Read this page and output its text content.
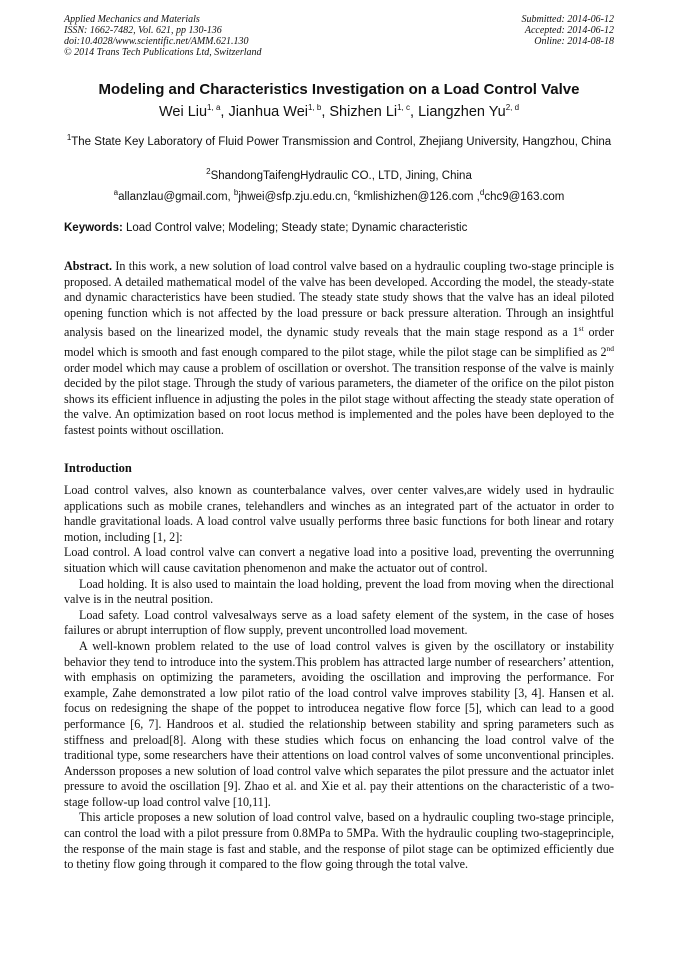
Applied Mechanics and Materials
ISSN: 1662-7482, Vol. 621, pp 130-136
doi:10.4028/www.scientific.net/AMM.621.130
© 2014 Trans Tech Publications Ltd, Switzerland
Submitted: 2014-06-12
Accepted: 2014-06-12
Online: 2014-08-18
Modeling and Characteristics Investigation on a Load Control Valve
Wei Liu$^{1, a}$, Jianhua Wei$^{1, b}$, Shizhen Li$^{1, c}$, Liangzhen Yu$^{2, d}$
$^1$The State Key Laboratory of Fluid Power Transmission and Control, Zhejiang University, Hangzhou, China
$^2$ShandongTaifengHydraulic CO., LTD, Jining, China
$^a$allanzlau@gmail.com, $^b$jhwei@sfp.zju.edu.cn, $^c$kmlishizhen@126.com ,$^d$chc9@163.com
Keywords: Load Control valve; Modeling; Steady state; Dynamic characteristic
Abstract. In this work, a new solution of load control valve based on a hydraulic coupling two-stage principle is proposed. A detailed mathematical model of the valve has been developed. According the model, the steady-state and dynamic characteristics have been studied. The steady state study shows that the valve has an ideal piloted opening function which is not affected by the load pressure or back pressure alteration. Through an insightful analysis based on the linearized model, the dynamic study reveals that the main stage respond as a 1st order model which is smooth and fast enough compared to the pilot stage, while the pilot stage can be simplified as 2nd order model which may cause a problem of oscillation or overshot. The transition response of the valve is mainly decided by the pilot stage. Through the study of various parameters, the diameter of the orifice on the pilot piston shows its efficient influence in adjusting the poles in the pilot stage without affecting the steady state operation of the valve. An optimization based on root locus method is implemented and the poles have been deployed to the fastest points without oscillation.
Introduction

Load control valves, also known as counterbalance valves, over center valves,are widely used in hydraulic applications such as mobile cranes, telehandlers and winches as an integrated part of the actuator in order to handle gravitational loads. A load control valve usually performs three basic functions for both linear and rotary motion, including [1, 2]:

Load control. A load control valve can convert a negative load into a positive load, preventing the overrunning situation which will cause cavitation phenomenon and make the actuator out of control.

Load holding. It is also used to maintain the load holding, prevent the load from moving when the directional valve is in the neutral position.

Load safety. Load control valvesalways serve as a load safety element of the system, in the case of hoses failures or abrupt interruption of flow supply, prevent uncontrolled load movement.

A well-known problem related to the use of load control valves is given by the oscillatory or instability behavior they tend to introduce into the system.This problem has attracted large number of researchers’ attention, with emphasis on optimizing the parameters, avoiding the oscillation and improving the performance. For example, Zahe demonstrated a low pilot ratio of the load control valve improves stability [3, 4]. Hansen et al. focus on redesigning the shape of the poppet to introducea negative flow force [5], which can lead to a good performance [6, 7]. Handroos et al. studied the relationship between stability and spring parameters such as stiffness and preload[8]. Along with these studies which focus on enhancing the load control valve of the traditional type, some researchers have their attentions on load control valves of some unconventional principles. Andersson proposes a new solution of load control valve which separates the pilot pressure and the actuator inlet pressure to avoid the oscillation [9]. Zhao et al. and Xie et al. pay their attentions on the characteristic of a two-stage follow-up load control valve [10,11].

This article proposes a new solution of load control valve, based on a hydraulic coupling two-stage principle, can control the load with a pilot pressure from 0.8MPa to 5MPa. With the hydraulic coupling two-stageprinciple, the response of the main stage is fast and stable, and the response of pilot stage can be optimized efficiently due to thetiny flow going through it compared to the flow going through the total valve.
